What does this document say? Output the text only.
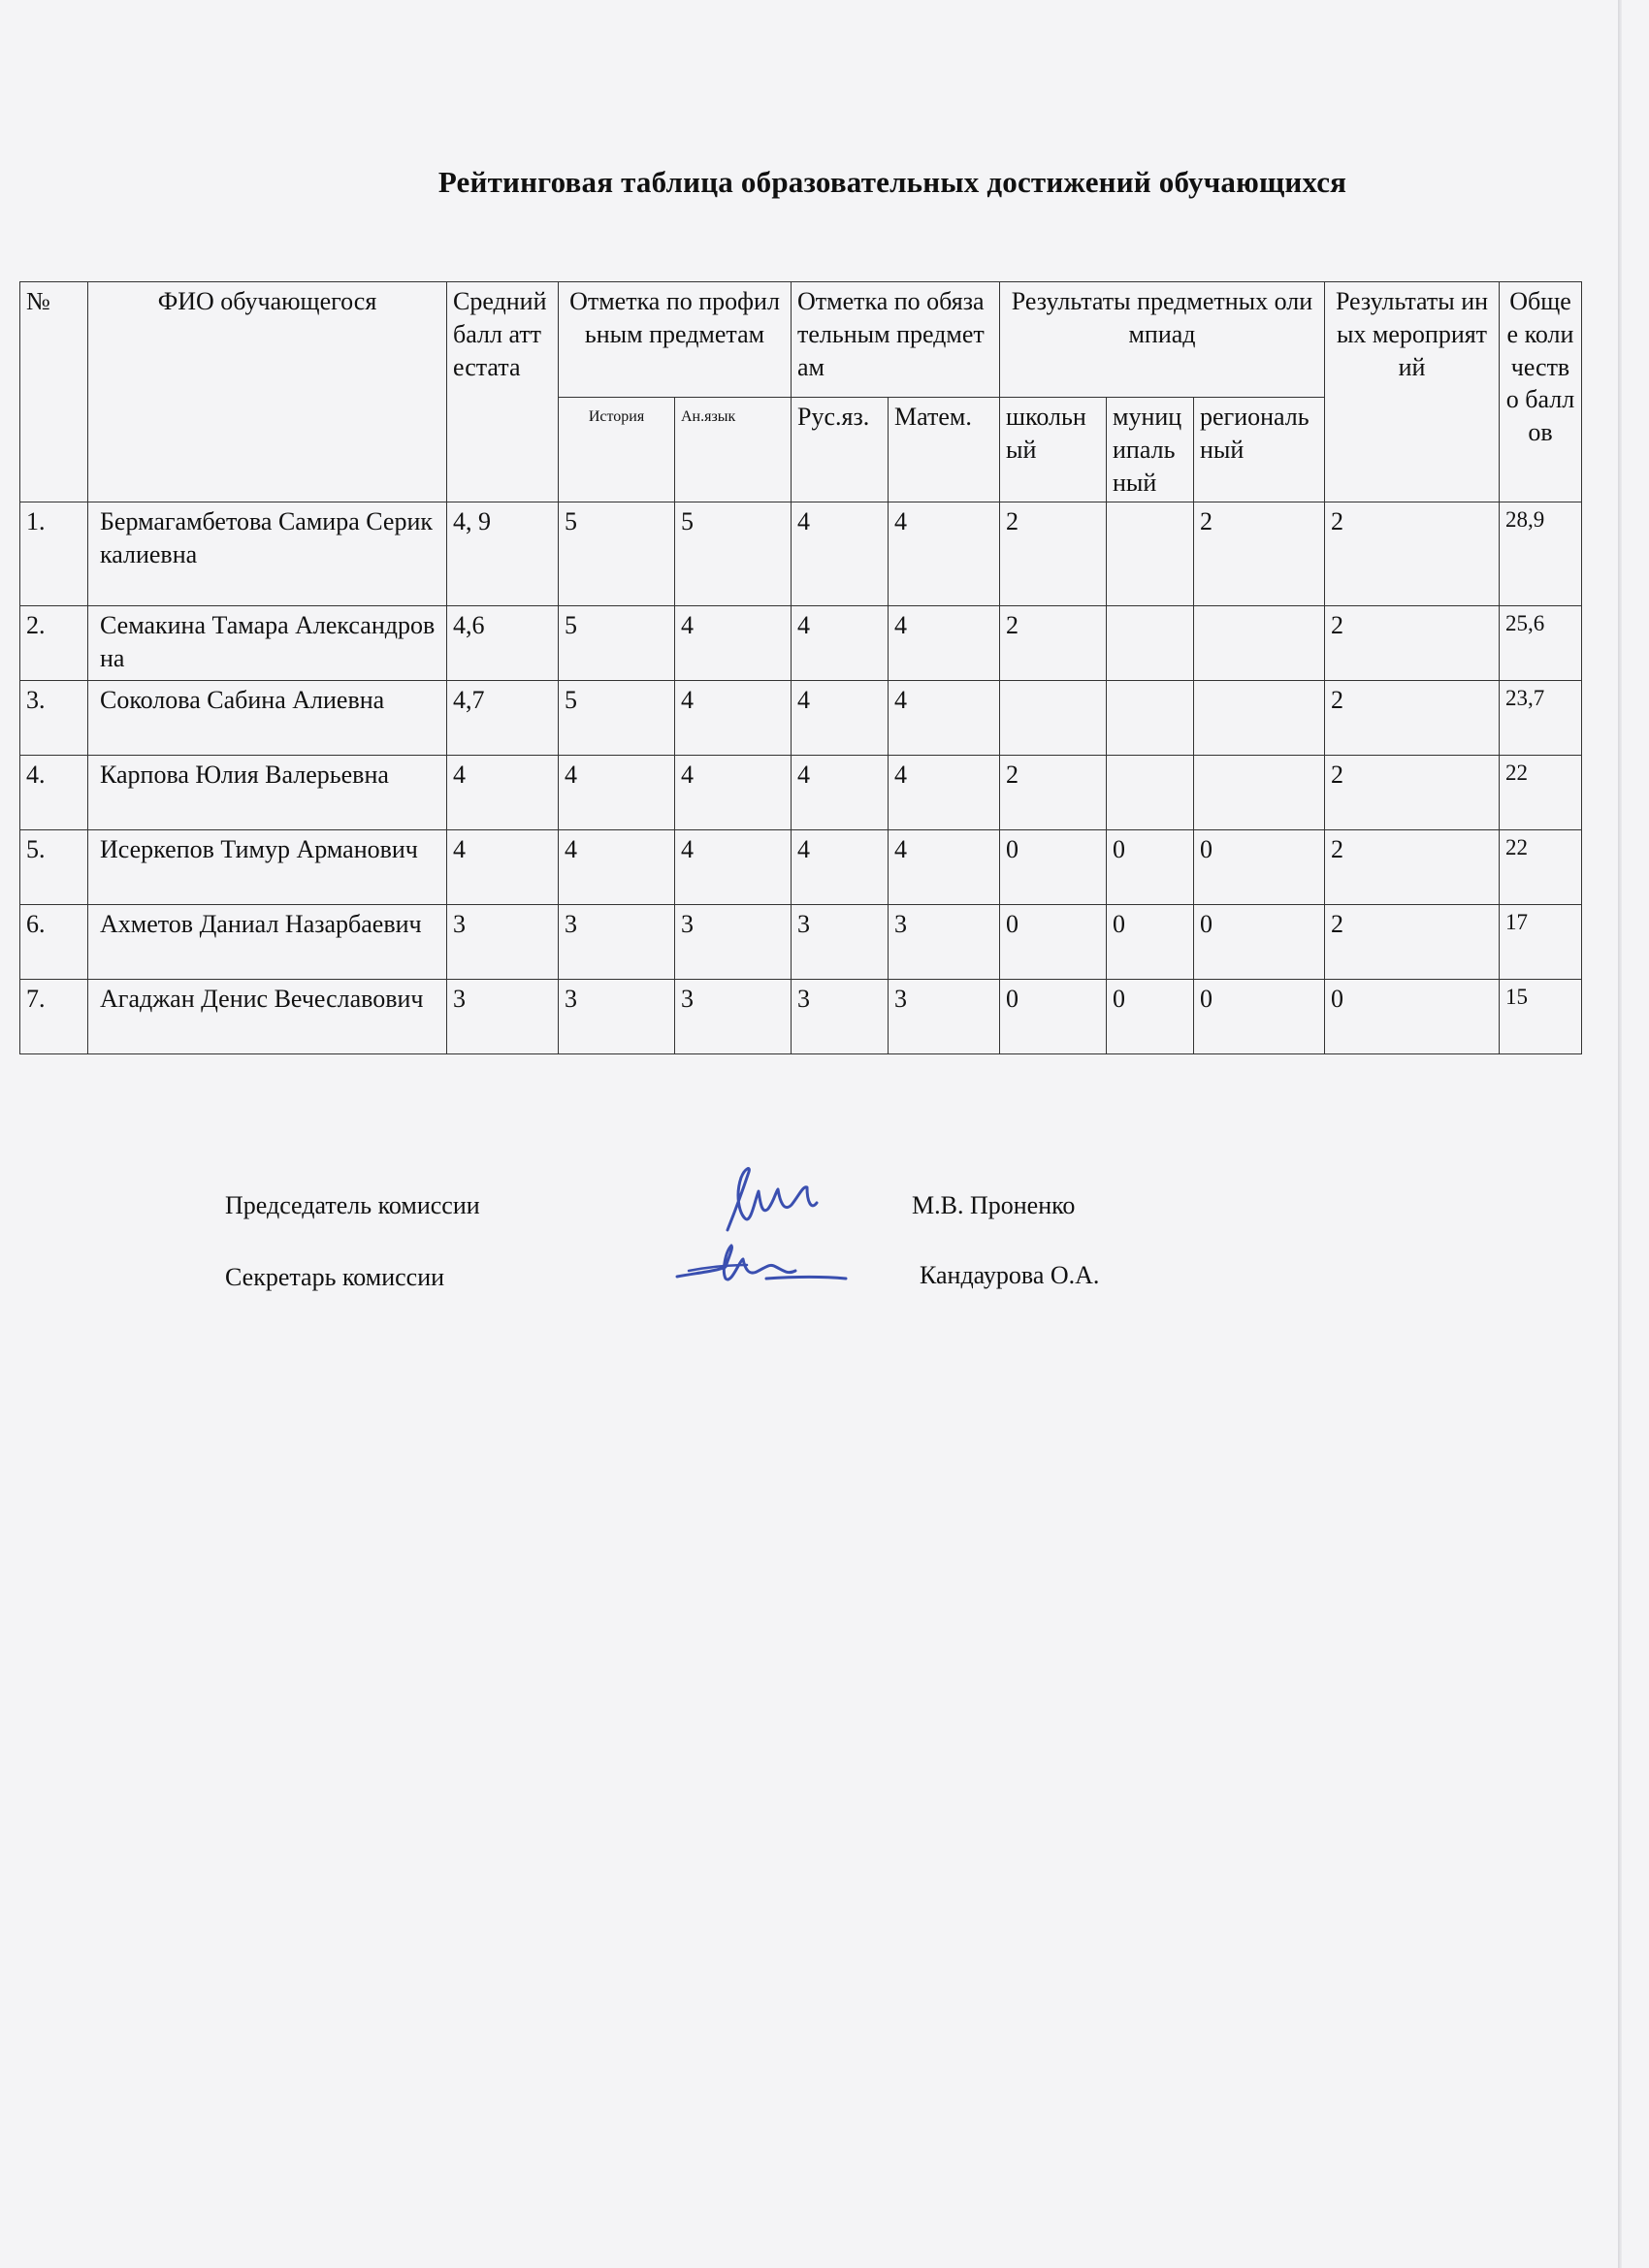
Рейтинговая таблица образовательных достижений обучающихся
№	ФИО обучающегося	Средний балл аттестата	Отметка по профильным предметам		Отметка по обязательным предметам		Результаты предметных олимпиад			Результаты иных мероприятий	Общее количество баллов
							школьный	муниципальный	региональный		
			История	Ан.язык	Рус.яз.	Матем.					
1.	Бермагамбетова Самира Сериккалиевна	4, 9	5	5	4	4	2		2	2	28,9
2.	Семакина Тамара Александровна	4,6	5	4	4	4	2			2	25,6
3.	Соколова Сабина Алиевна	4,7	5	4	4	4				2	23,7
4.	Карпова Юлия Валерьевна	4	4	4	4	4	2			2	22
5.	Исеркепов Тимур Арманович	4	4	4	4	4	0	0	0	2	22
6.	Ахметов Даниал Назарбаевич	3	3	3	3	3	0	0	0	2	17
7.	Агаджан Денис Вечеславович	3	3	3	3	3	0	0	0	0	15
Председатель комиссии	М.В. Проненко
Секретарь комиссии	Кандаурова О.А.
